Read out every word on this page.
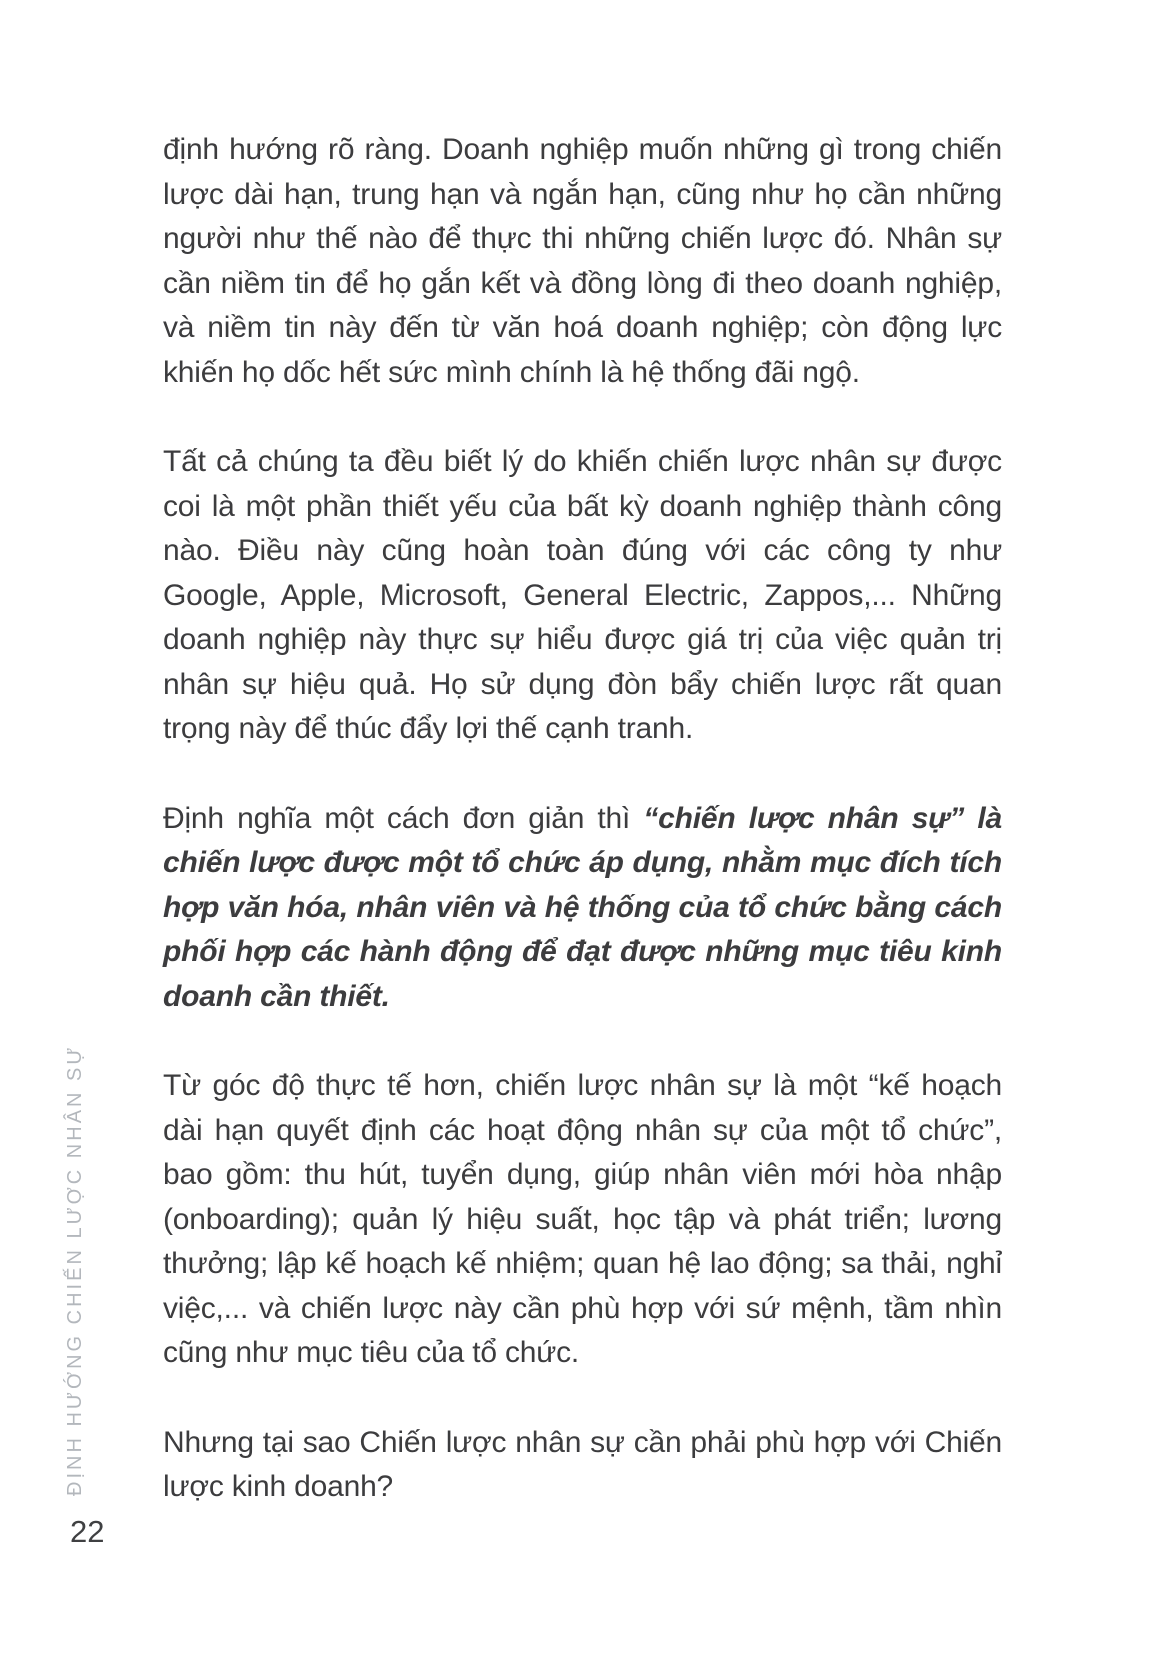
ĐỊNH HƯỚNG CHIẾN LƯỢC NHÂN SỰ
22

định hướng rõ ràng. Doanh nghiệp muốn những gì trong chiến lược dài hạn, trung hạn và ngắn hạn, cũng như họ cần những người như thế nào để thực thi những chiến lược đó. Nhân sự cần niềm tin để họ gắn kết và đồng lòng đi theo doanh nghiệp, và niềm tin này đến từ văn hoá doanh nghiệp; còn động lực khiến họ dốc hết sức mình chính là hệ thống đãi ngộ.

Tất cả chúng ta đều biết lý do khiến chiến lược nhân sự được coi là một phần thiết yếu của bất kỳ doanh nghiệp thành công nào. Điều này cũng hoàn toàn đúng với các công ty như Google, Apple, Microsoft, General Electric, Zappos,... Những doanh nghiệp này thực sự hiểu được giá trị của việc quản trị nhân sự hiệu quả. Họ sử dụng đòn bẩy chiến lược rất quan trọng này để thúc đẩy lợi thế cạnh tranh.

Định nghĩa một cách đơn giản thì “chiến lược nhân sự” là chiến lược được một tổ chức áp dụng, nhằm mục đích tích hợp văn hóa, nhân viên và hệ thống của tổ chức bằng cách phối hợp các hành động để đạt được những mục tiêu kinh doanh cần thiết.

Từ góc độ thực tế hơn, chiến lược nhân sự là một “kế hoạch dài hạn quyết định các hoạt động nhân sự của một tổ chức”, bao gồm: thu hút, tuyển dụng, giúp nhân viên mới hòa nhập (onboarding); quản lý hiệu suất, học tập và phát triển; lương thưởng; lập kế hoạch kế nhiệm; quan hệ lao động; sa thải, nghỉ việc,... và chiến lược này cần phù hợp với sứ mệnh, tầm nhìn cũng như mục tiêu của tổ chức.

Nhưng tại sao Chiến lược nhân sự cần phải phù hợp với Chiến lược kinh doanh?
